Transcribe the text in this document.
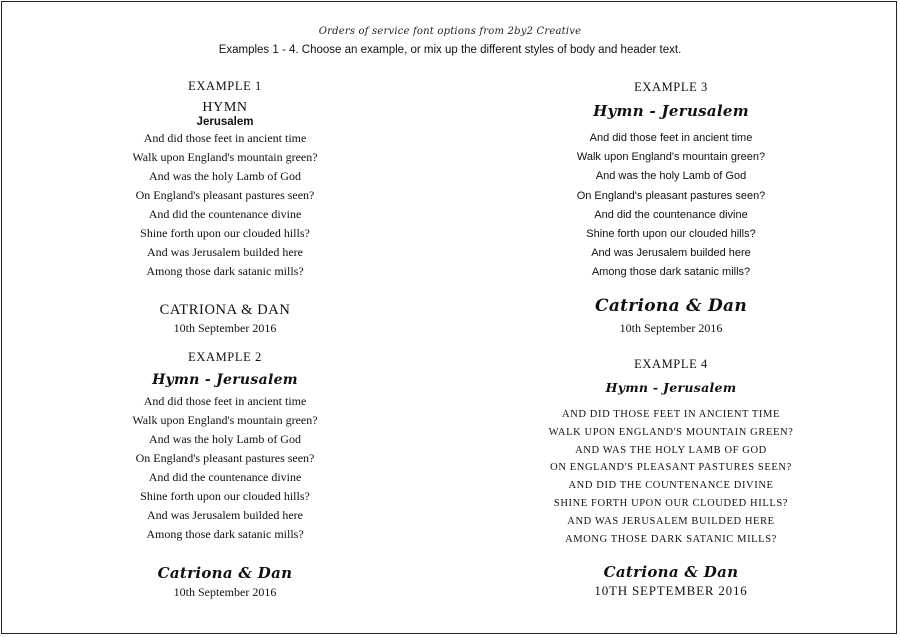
Orders of service font options from 2by2 Creative
Examples 1 - 4. Choose an example, or mix up the different styles of body and header text.
EXAMPLE 1
HYMN
Jerusalem
And did those feet in ancient time
Walk upon England's mountain green?
And was the holy Lamb of God
On England's pleasant pastures seen?
And did the countenance divine
Shine forth upon our clouded hills?
And was Jerusalem builded here
Among those dark satanic mills?
CATRIONA & DAN
10th September 2016
EXAMPLE 2
Hymn - Jerusalem
And did those feet in ancient time
Walk upon England's mountain green?
And was the holy Lamb of God
On England's pleasant pastures seen?
And did the countenance divine
Shine forth upon our clouded hills?
And was Jerusalem builded here
Among those dark satanic mills?
Catriona & Dan
10th September 2016
EXAMPLE 3
Hymn - Jerusalem
And did those feet in ancient time
Walk upon England's mountain green?
And was the holy Lamb of God
On England's pleasant pastures seen?
And did the countenance divine
Shine forth upon our clouded hills?
And was Jerusalem builded here
Among those dark satanic mills?
Catriona & Dan
10th September 2016
EXAMPLE 4
Hymn - Jerusalem
AND DID THOSE FEET IN ANCIENT TIME
WALK UPON ENGLAND'S MOUNTAIN GREEN?
AND WAS THE HOLY LAMB OF GOD
ON ENGLAND'S PLEASANT PASTURES SEEN?
AND DID THE COUNTENANCE DIVINE
SHINE FORTH UPON OUR CLOUDED HILLS?
AND WAS JERUSALEM BUILDED HERE
AMONG THOSE DARK SATANIC MILLS?
Catriona & Dan
10TH SEPTEMBER 2016
